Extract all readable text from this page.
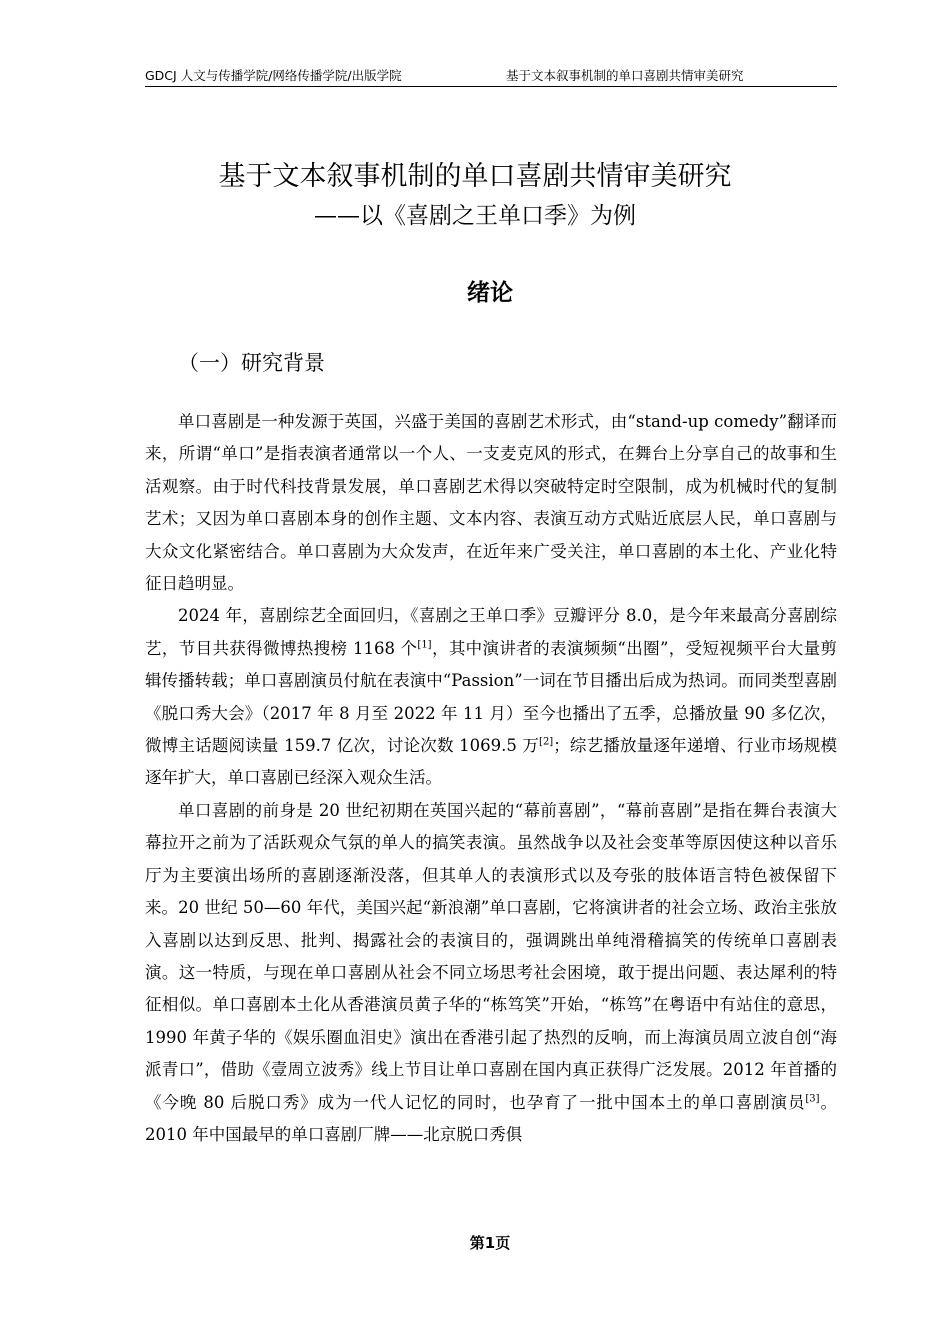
GDCJ 人文与传播学院/网络传播学院/出版学院	基于文本叙事机制的单口喜剧共情审美研究
基于文本叙事机制的单口喜剧共情审美研究
——以《喜剧之王单口季》为例
绪论
（一）研究背景

单口喜剧是一种发源于英国，兴盛于美国的喜剧艺术形式，由“stand-up comedy”翻译而来，所谓“单口”是指表演者通常以一个人、一支麦克风的形式，在舞台上分享自己的故事和生活观察。由于时代科技背景发展，单口喜剧艺术得以突破特定时空限制，成为机械时代的复制艺术；又因为单口喜剧本身的创作主题、文本内容、表演互动方式贴近底层人民，单口喜剧与大众文化紧密结合。单口喜剧为大众发声，在近年来广受关注，单口喜剧的本土化、产业化特征日趋明显。

2024 年，喜剧综艺全面回归，《喜剧之王单口季》豆瓣评分 8.0，是今年来最高分喜剧综艺，节目共获得微博热搜榜 1168 个[1]，其中演讲者的表演频频“出圈”，受短视频平台大量剪辑传播转载；单口喜剧演员付航在表演中“Passion”一词在节目播出后成为热词。而同类型喜剧《脱口秀大会》（2017 年 8 月至 2022 年 11 月）至今也播出了五季，总播放量 90 多亿次，微博主话题阅读量 159.7 亿次，讨论次数 1069.5 万[2]；综艺播放量逐年递增、行业市场规模逐年扩大，单口喜剧已经深入观众生活。

单口喜剧的前身是 20 世纪初期在英国兴起的“幕前喜剧”，“幕前喜剧”是指在舞台表演大幕拉开之前为了活跃观众气氛的单人的搞笑表演。虽然战争以及社会变革等原因使这种以音乐厅为主要演出场所的喜剧逐渐没落，但其单人的表演形式以及夸张的肢体语言特色被保留下来。20 世纪 50—60 年代，美国兴起“新浪潮”单口喜剧，它将演讲者的社会立场、政治主张放入喜剧以达到反思、批判、揭露社会的表演目的，强调跳出单纯滑稽搞笑的传统单口喜剧表演。这一特质，与现在单口喜剧从社会不同立场思考社会困境，敢于提出问题、表达犀利的特征相似。单口喜剧本土化从香港演员黄子华的“栋笃笑”开始，“栋笃”在粤语中有站住的意思，1990 年黄子华的《娱乐圈血泪史》演出在香港引起了热烈的反响，而上海演员周立波自创“海派青口”，借助《壹周立波秀》线上节目让单口喜剧在国内真正获得广泛发展。2012 年首播的《今晚 80 后脱口秀》成为一代人记忆的同时，也孕育了一批中国本土的单口喜剧演员[3]。2010 年中国最早的单口喜剧厂牌——北京脱口秀俱

第1页
